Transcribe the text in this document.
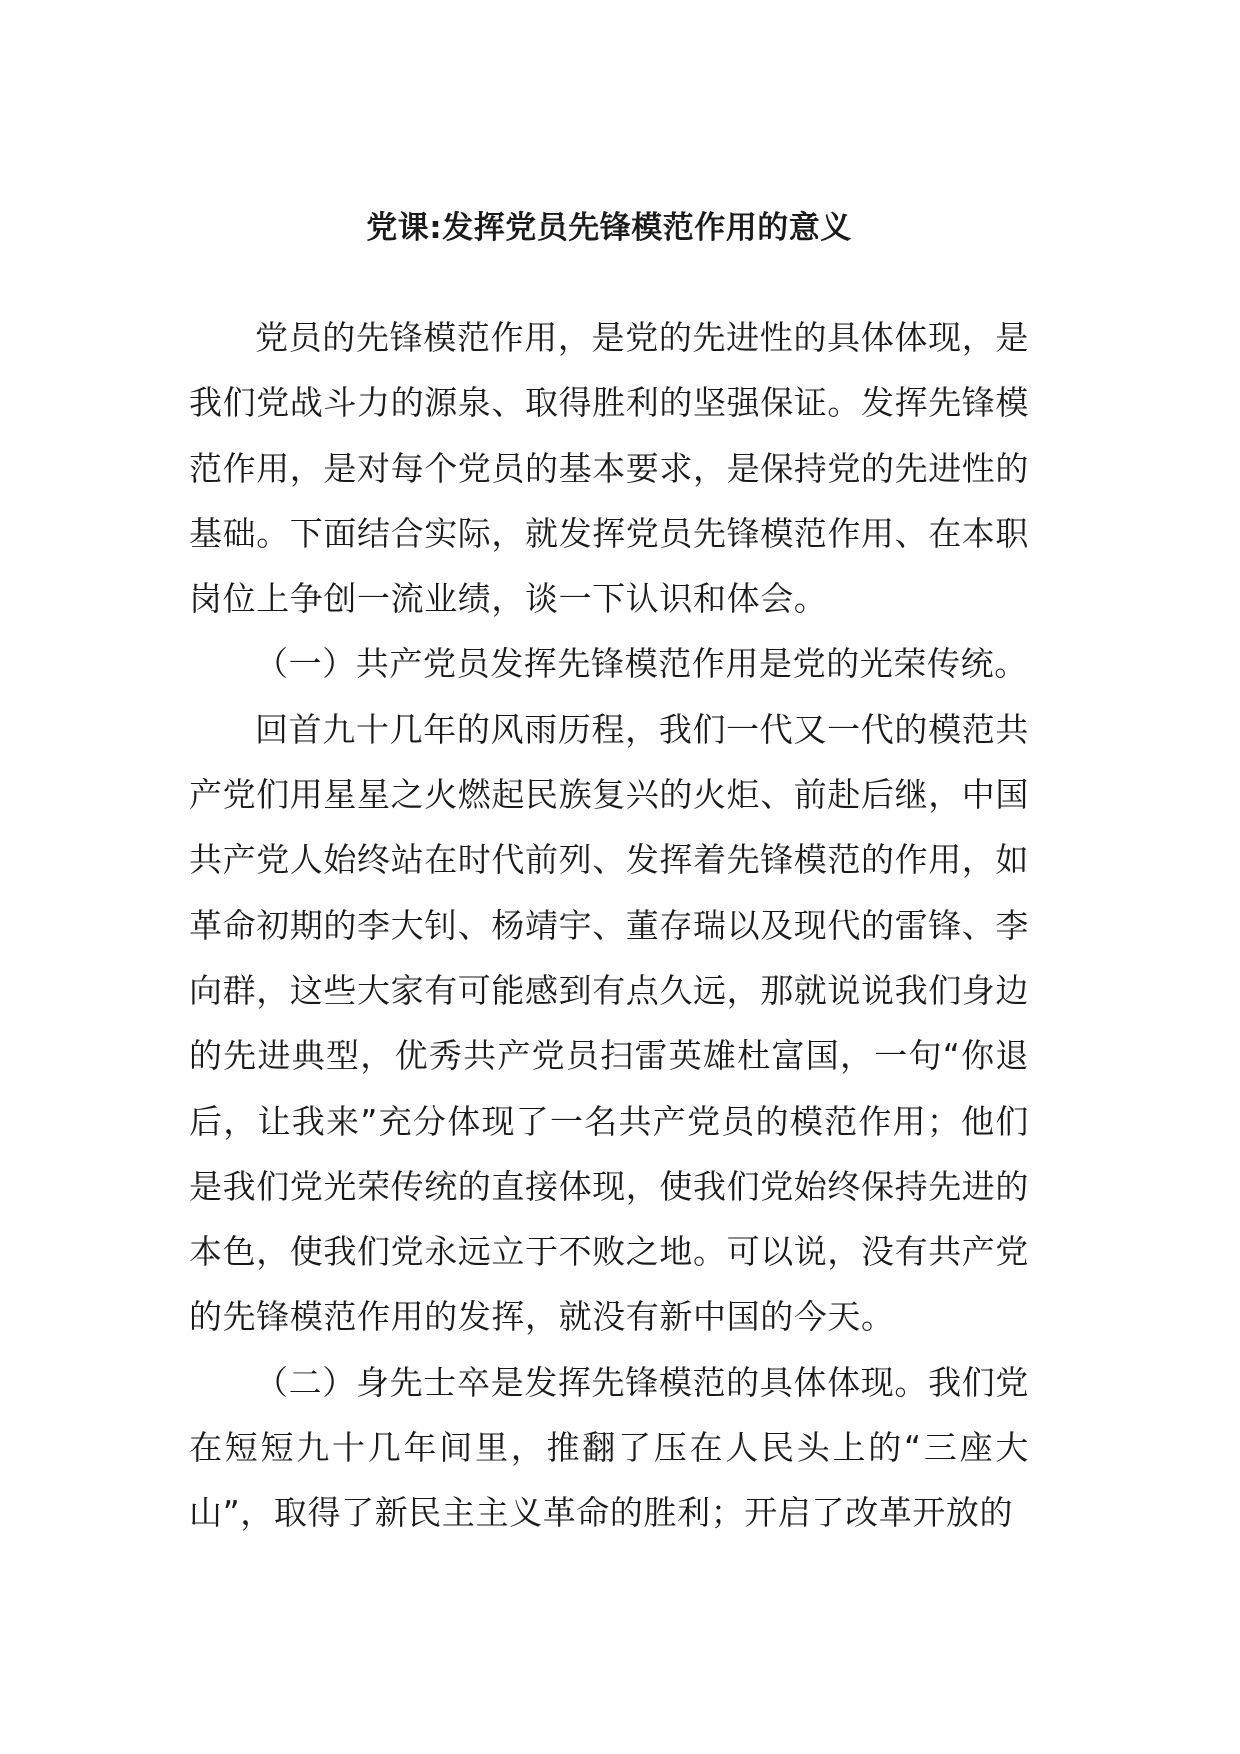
党课:发挥党员先锋模范作用的意义

党员的先锋模范作用，是党的先进性的具体体现，是我们党战斗力的源泉、取得胜利的坚强保证。发挥先锋模范作用，是对每个党员的基本要求，是保持党的先进性的基础。下面结合实际，就发挥党员先锋模范作用、在本职岗位上争创一流业绩，谈一下认识和体会。

（一）共产党员发挥先锋模范作用是党的光荣传统。

回首九十几年的风雨历程，我们一代又一代的模范共产党们用星星之火燃起民族复兴的火炬、前赴后继，中国共产党人始终站在时代前列、发挥着先锋模范的作用，如革命初期的李大钊、杨靖宇、董存瑞以及现代的雷锋、李向群，这些大家有可能感到有点久远，那就说说我们身边的先进典型，优秀共产党员扫雷英雄杜富国，一句“你退后，让我来”充分体现了一名共产党员的模范作用；他们是我们党光荣传统的直接体现，使我们党始终保持先进的本色，使我们党永远立于不败之地。可以说，没有共产党的先锋模范作用的发挥，就没有新中国的今天。

（二）身先士卒是发挥先锋模范的具体体现。我们党在短短九十几年间里，推翻了压在人民头上的“三座大山”，取得了新民主主义革命的胜利；开启了改革开放的
